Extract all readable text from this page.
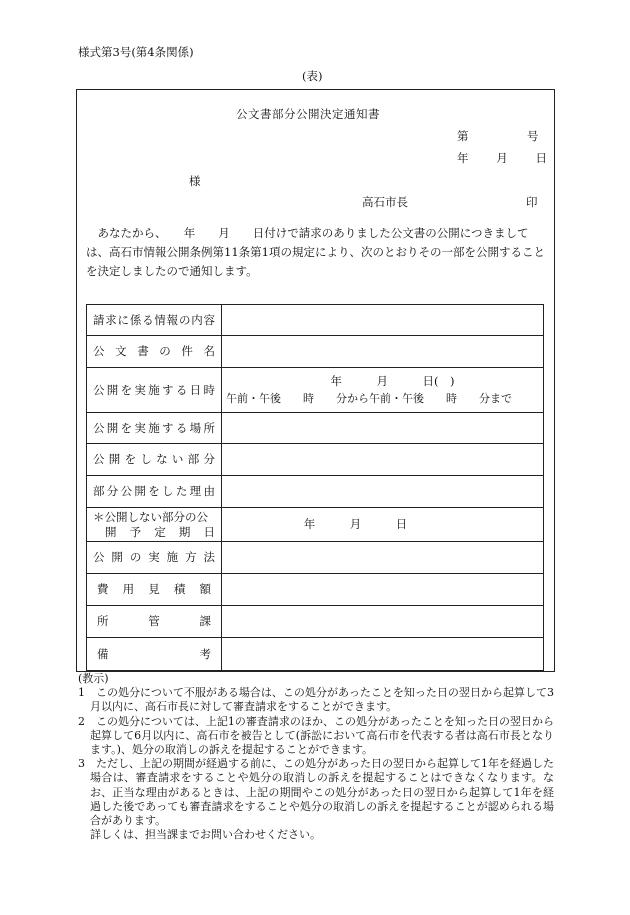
様式第3号(第4条関係)
(表)
公文書部分公開決定通知書
第	号
年 月 日
様
高石市長	印

　あなたから、　　年　　月　　日付けで請求のありました公文書の公開につきまして

は、高石市情報公開条例第11条第1項の規定により、次のとおりその一部を公開すること

を決定しましたので通知します。

請求に係る情報の内容	
公文書の件名	
公開を実施する日時	年　　　月　　　日(　)
午前・午後　　時　　分から午前・午後　　時　　分まで

公開を実施する場所	
公開をしない部分	
部分公開をした理由	

＊公開しない部分の公
開予定期日	年　　　月　　　日
公開の実施方法	
費用見積額	
所管課	
備考	

(教示)

1　この処分について不服がある場合は、この処分があったことを知った日の翌日から起算して3月以内に、高石市長に対して審査請求をすることができます。

2　この処分については、上記1の審査請求のほか、この処分があったことを知った日の翌日から起算して6月以内に、高石市を被告として(訴訟において高石市を代表する者は高石市長となります。)、処分の取消しの訴えを提起することができます。

3　ただし、上記の期間が経過する前に、この処分があった日の翌日から起算して1年を経過した場合は、審査請求をすることや処分の取消しの訴えを提起することはできなくなります。なお、正当な理由があるときは、上記の期間やこの処分があった日の翌日から起算して1年を経過した後であっても審査請求をすることや処分の取消しの訴えを提起することが認められる場合があります。

詳しくは、担当課までお問い合わせください。
